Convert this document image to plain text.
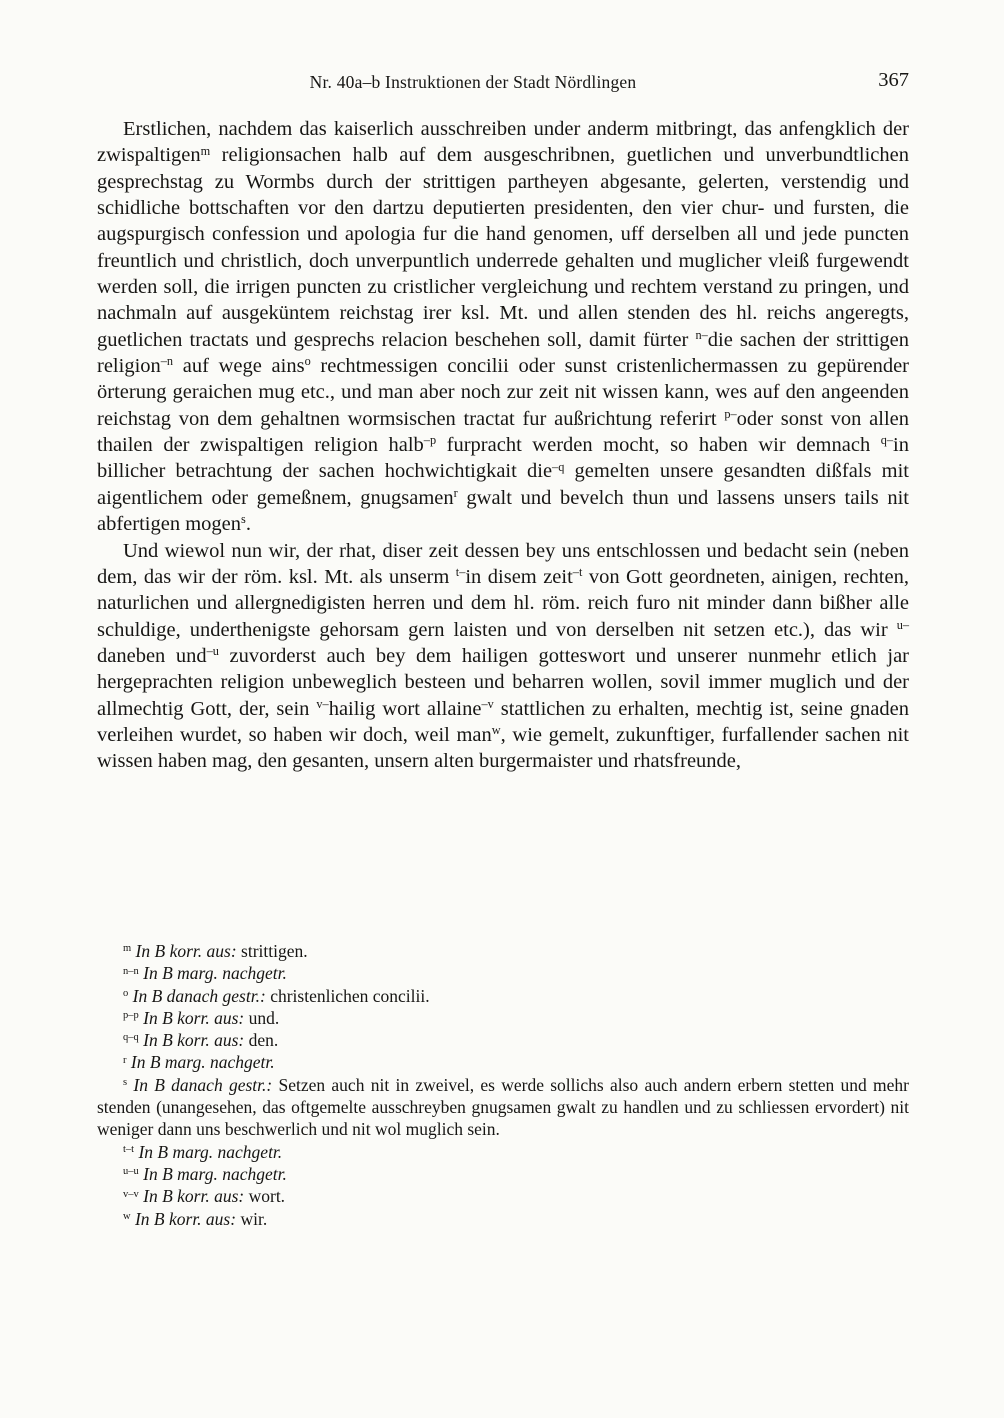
Nr. 40a–b Instruktionen der Stadt Nördlingen	367

Erstlichen, nachdem das kaiserlich ausschreiben under anderm mitbringt, das anfengklich der zwispaltigen$^m$ religionsachen halb auf dem ausgeschribnen, guetlichen und unverbundtlichen gesprechstag zu Wormbs durch der strittigen partheyen abgesante, gelerten, verstendig und schidliche bottschaften vor den dartzu deputierten presidenten, den vier chur- und fursten, die augspurgisch confession und apologia fur die hand genomen, uff derselben all und jede puncten freuntlich und christlich, doch unverpuntlich underrede gehalten und muglicher vleiß furgewendt werden soll, die irrigen puncten zu cristlicher vergleichung und rechtem verstand zu pringen, und nachmaln auf ausgeküntem reichstag irer ksl. Mt. und allen stenden des hl. reichs angeregts, guetlichen tractats und gesprechs relacion beschehen soll, damit fürter $^{n-}$die sachen der strittigen religion$^{-n}$ auf wege ains$^o$ rechtmessigen concilii oder sunst cristenlichermassen zu gepürender örterung geraichen mug etc., und man aber noch zur zeit nit wissen kann, wes auf den angeenden reichstag von dem gehaltnen wormsischen tractat fur außrichtung referirt $^{p-}$oder sonst von allen thailen der zwispaltigen religion halb$^{-p}$ furpracht werden mocht, so haben wir demnach $^{q-}$in billicher betrachtung der sachen hochwichtigkait die$^{-q}$ gemelten unsere gesandten dißfals mit aigentlichem oder gemeßnem, gnugsamen$^r$ gwalt und bevelch thun und lassens unsers tails nit abfertigen mogen$^s$.

Und wiewol nun wir, der rhat, diser zeit dessen bey uns entschlossen und bedacht sein (neben dem, das wir der röm. ksl. Mt. als unserm $^{t-}$in disem zeit$^{-t}$ von Gott geordneten, ainigen, rechten, naturlichen und allergnedigisten herren und dem hl. röm. reich furo nit minder dann bißher alle schuldige, underthenigste gehorsam gern laisten und von derselben nit setzen etc.), das wir $^{u-}$daneben und$^{-u}$ zuvorderst auch bey dem hailigen gotteswort und unserer nunmehr etlich jar hergeprachten religion unbeweglich besteen und beharren wollen, sovil immer muglich und der allmechtig Gott, der, sein $^{v-}$hailig wort allaine$^{-v}$ stattlichen zu erhalten, mechtig ist, seine gnaden verleihen wurdet, so haben wir doch, weil man$^w$, wie gemelt, zukunftiger, furfallender sachen nit wissen haben mag, den gesanten, unsern alten burgermaister und rhatsfreunde,

$^m$ In B korr. aus: strittigen.

$^{n-n}$ In B marg. nachgetr.

$^o$ In B danach gestr.: christenlichen concilii.

$^{p-p}$ In B korr. aus: und.

$^{q-q}$ In B korr. aus: den.

$^r$ In B marg. nachgetr.

$^s$ In B danach gestr.: Setzen auch nit in zweivel, es werde sollichs also auch andern erbern stetten und mehr stenden (unangesehen, das oftgemelte ausschreyben gnugsamen gwalt zu handlen und zu schliessen ervordert) nit weniger dann uns beschwerlich und nit wol muglich sein.

$^{t-t}$ In B marg. nachgetr.

$^{u-u}$ In B marg. nachgetr.

$^{v-v}$ In B korr. aus: wort.

$^w$ In B korr. aus: wir.
